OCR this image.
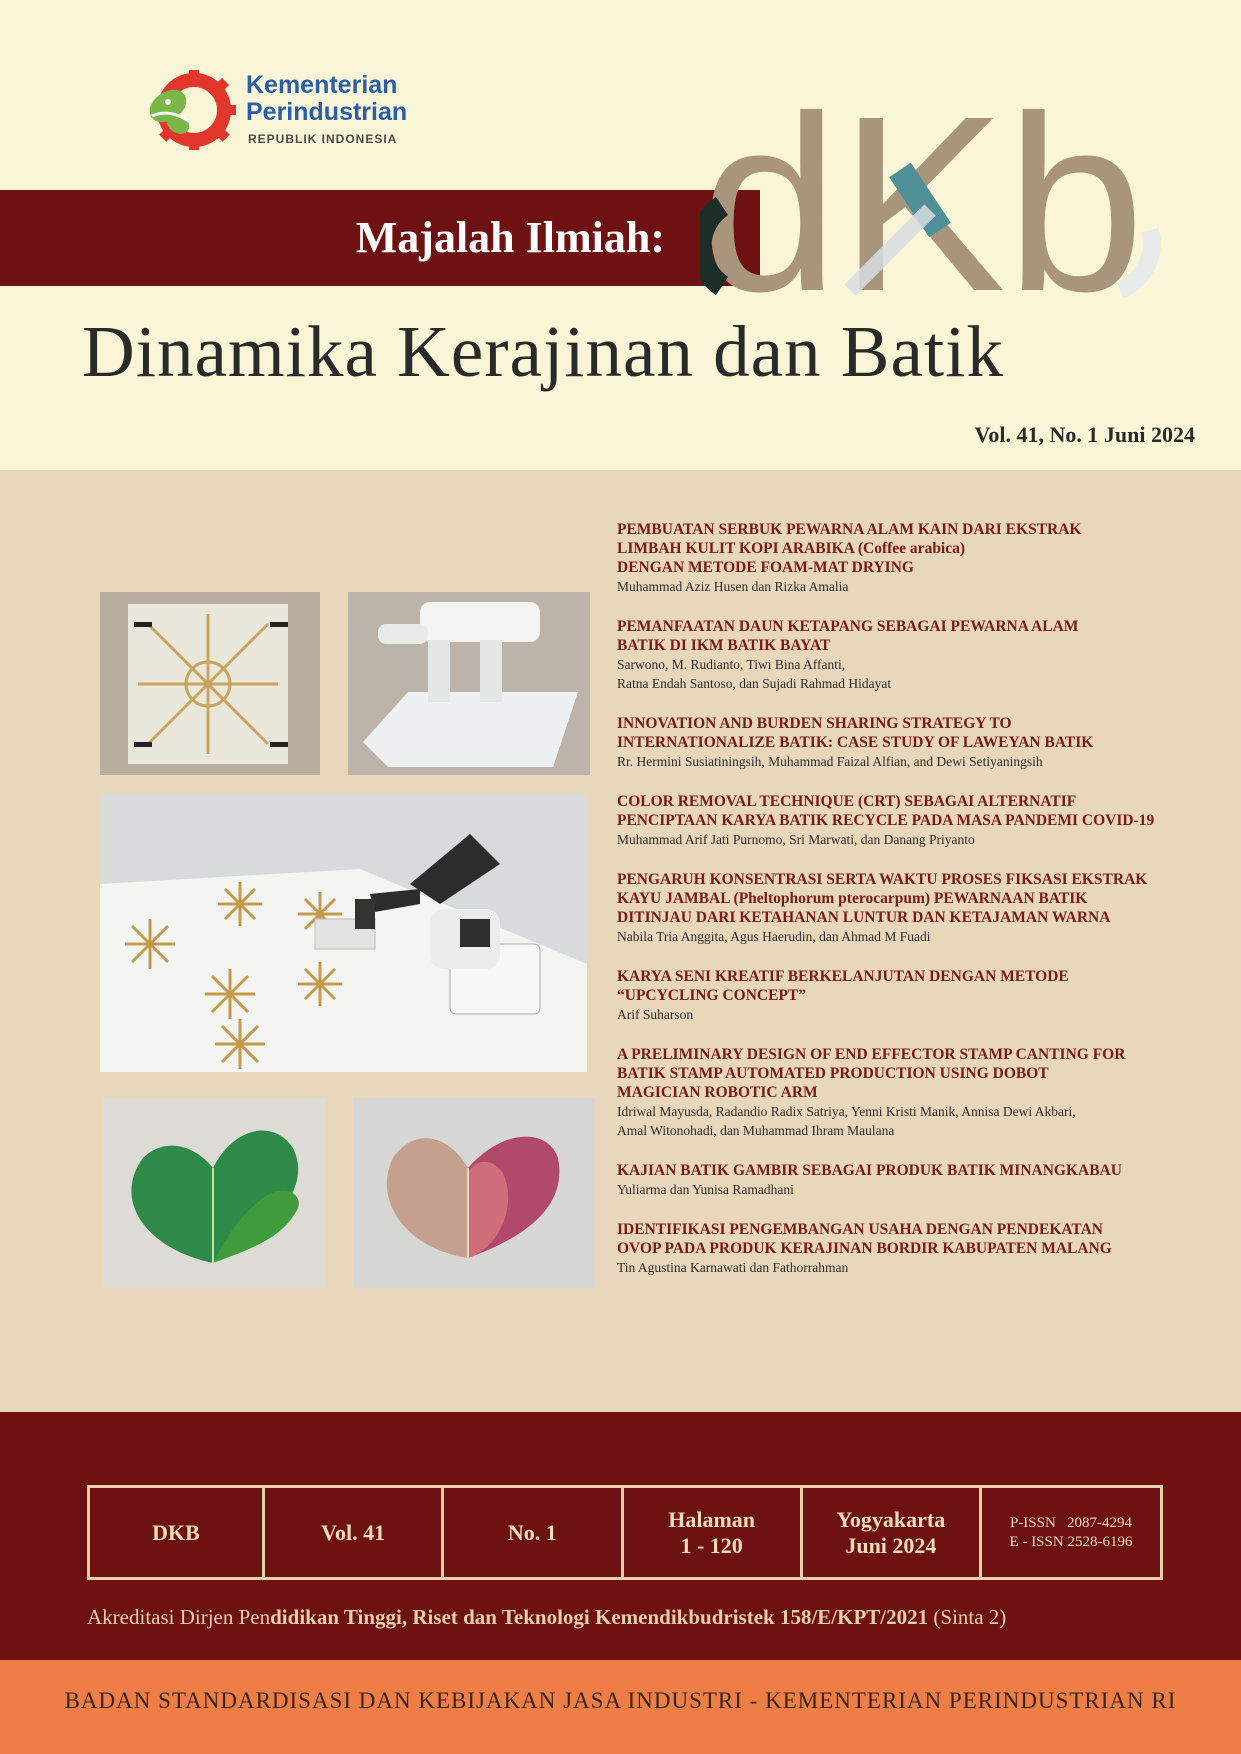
Kementerian
Perindustrian
REPUBLIK INDONESIA
Majalah Ilmiah: dKb
Dinamika Kerajinan dan Batik
Vol. 41, No. 1 Juni 2024
PEMBUATAN SERBUK PEWARNA ALAM KAIN DARI EKSTRAK
LIMBAH KULIT KOPI ARABIKA (Coffee arabica)
DENGAN METODE FOAM-MAT DRYING
Muhammad Aziz Husen dan Rizka Amalia
PEMANFAATAN DAUN KETAPANG SEBAGAI PEWARNA ALAM
BATIK DI IKM BATIK BAYAT
Sarwono, M. Rudianto, Tiwi Bina Affanti,
Ratna Endah Santoso, dan Sujadi Rahmad Hidayat
INNOVATION AND BURDEN SHARING STRATEGY TO
INTERNATIONALIZE BATIK: CASE STUDY OF LAWEYAN BATIK
Rr. Hermini Susiatiningsih, Muhammad Faizal Alfian, and Dewi Setiyaningsih
COLOR REMOVAL TECHNIQUE (CRT) SEBAGAI ALTERNATIF
PENCIPTAAN KARYA BATIK RECYCLE PADA MASA PANDEMI COVID-19
Muhammad Arif Jati Purnomo, Sri Marwati, dan Danang Priyanto
PENGARUH KONSENTRASI SERTA WAKTU PROSES FIKSASI EKSTRAK
KAYU JAMBAL (Pheltophorum pterocarpum) PEWARNAAN BATIK
DITINJAU DARI KETAHANAN LUNTUR DAN KETAJAMAN WARNA
Nabila Tria Anggita, Agus Haerudin, dan Ahmad M Fuadi
KARYA SENI KREATIF BERKELANJUTAN DENGAN METODE
“UPCYCLING CONCEPT”
Arif Suharson
A PRELIMINARY DESIGN OF END EFFECTOR STAMP CANTING FOR
BATIK STAMP AUTOMATED PRODUCTION USING DOBOT
MAGICIAN ROBOTIC ARM
Idriwal Mayusda, Radandio Radix Satriya, Yenni Kristi Manik, Annisa Dewi Akbari,
Amal Witonohadi, dan Muhammad Ihram Maulana
KAJIAN BATIK GAMBIR SEBAGAI PRODUK BATIK MINANGKABAU
Yuliarma dan Yunisa Ramadhani
IDENTIFIKASI PENGEMBANGAN USAHA DENGAN PENDEKATAN
OVOP PADA PRODUK KERAJINAN BORDIR KABUPATEN MALANG
Tin Agustina Karnawati dan Fathorrahman
DKB	Vol. 41	No. 1
Halaman
1 - 120
Yogyakarta
Juni 2024
P-ISSN   2087-4294
E - ISSN 2528-6196
Akreditasi Dirjen Pendidikan Tinggi, Riset dan Teknologi Kemendikbudristek 158/E/KPT/2021 (Sinta 2)
BADAN STANDARDISASI DAN KEBIJAKAN JASA INDUSTRI - KEMENTERIAN PERINDUSTRIAN RI
